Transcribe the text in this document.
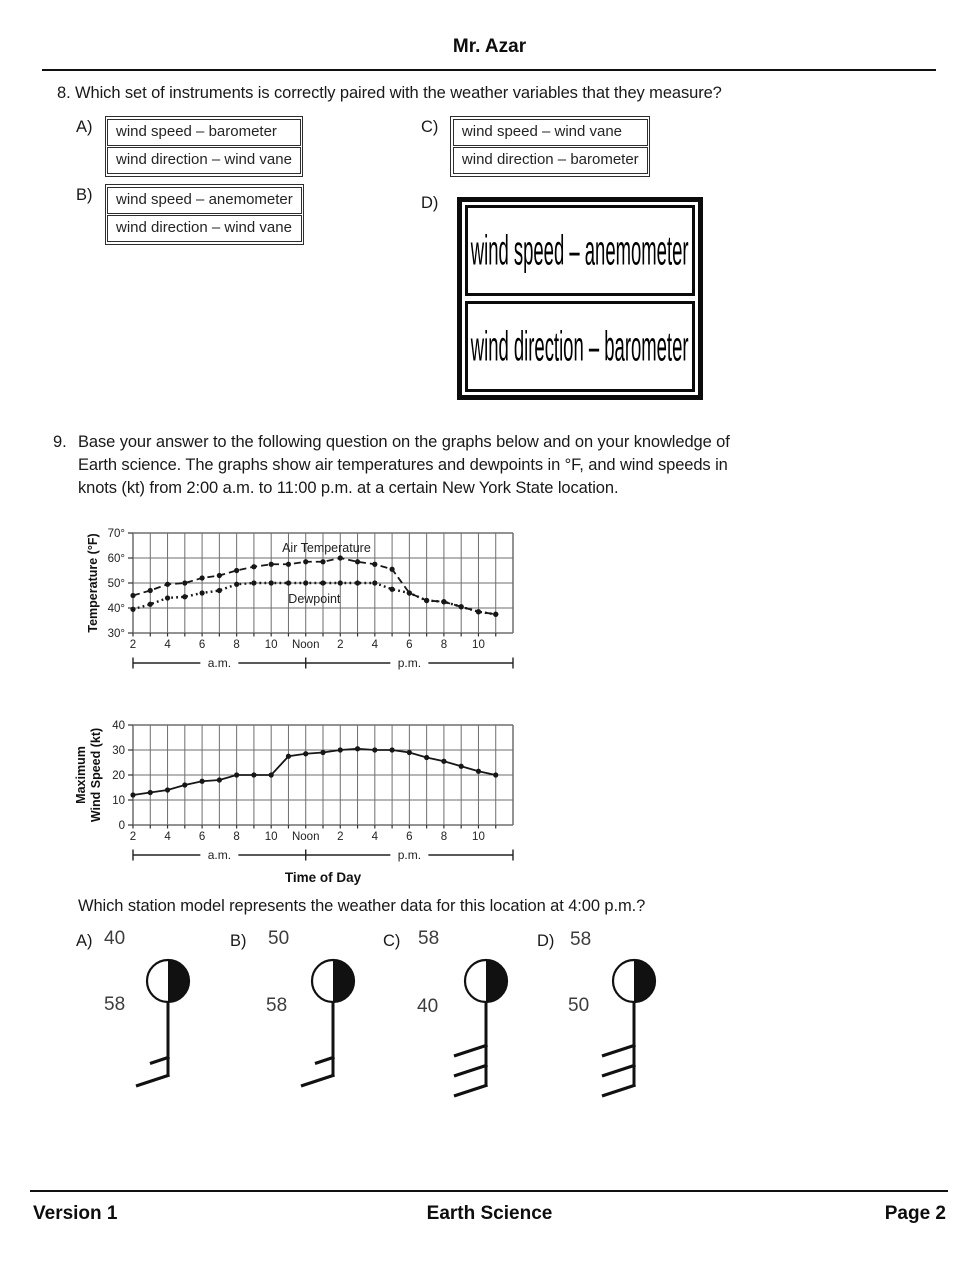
Mr. Azar
8. Which set of instruments is correctly paired with the weather variables that they measure?
A)	wind speed – barometer
wind direction – wind vane
B)	wind speed – anemometer
wind direction – wind vane
C)	wind speed – wind vane
wind direction – barometer
D)
wind speed – anemometer
wind direction – barometer
9. Base your answer to the following question on the graphs below and on your knowledge of
Earth science. The graphs show air temperatures and dewpoints in °F, and wind speeds in
knots (kt) from 2:00 a.m. to 11:00 p.m. at a certain New York State location.
70°
60°
50°
40°
30°
2 4 6 8 10 Noon 2 4 6 8 10
Air Temperature
Dewpoint
a.m.	p.m.
Temperature (°F)
40
30
20
10
0
2 4 6 8 10 Noon 2 4 6 8 10
a.m.	p.m.
Time of Day
Maximum Wind Speed (kt)
Which station model represents the weather data for this location at 4:00 p.m.?
A)	B)	C)	D)
40	50	58	58
58	58	40	50
Version 1	Earth Science	Page 2
